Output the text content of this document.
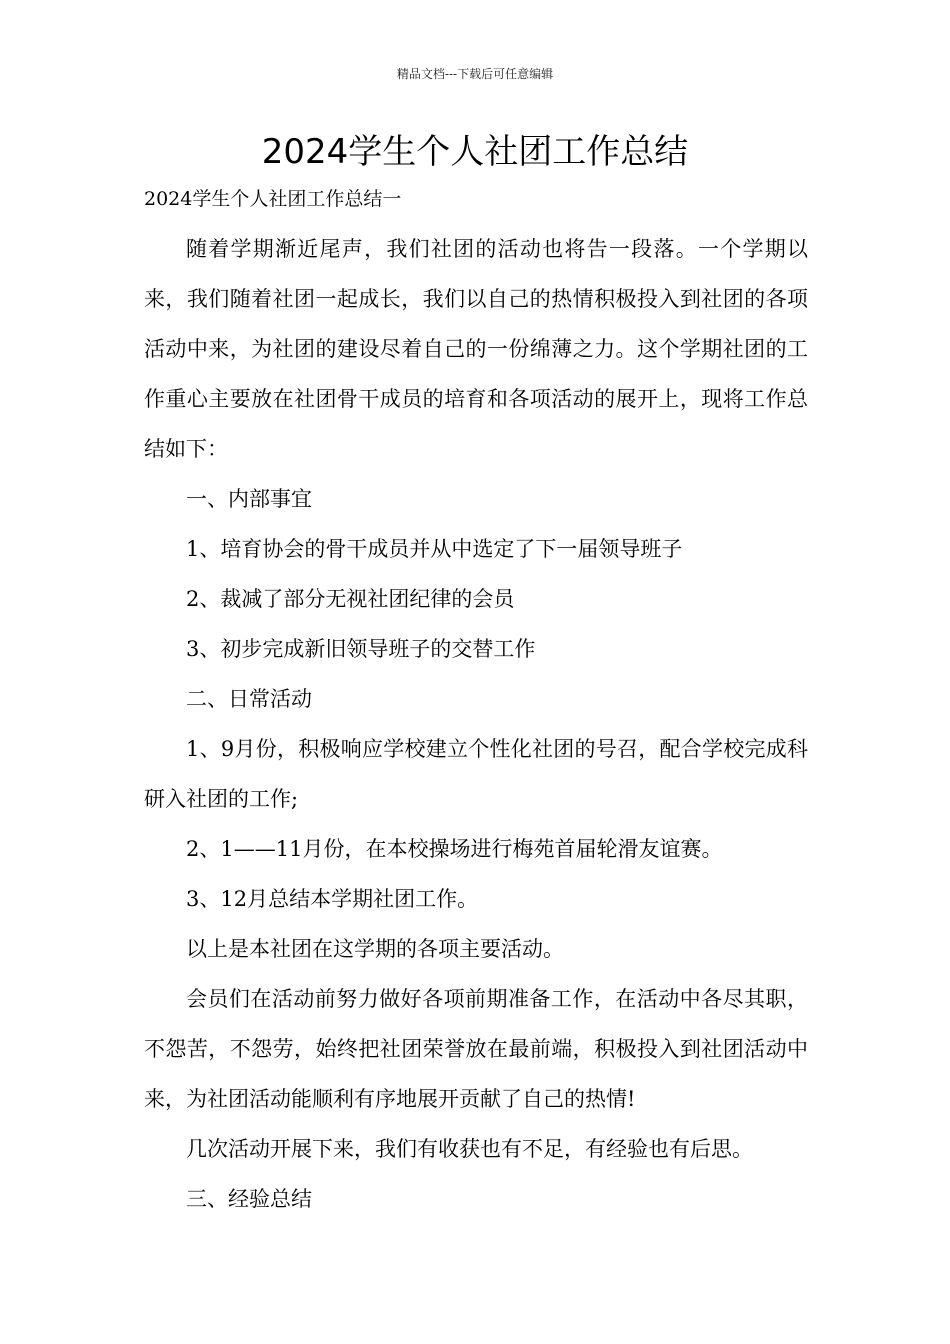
精品文档---下载后可任意编辑
2024学生个人社团工作总结

2024学生个人社团工作总结一

随着学期渐近尾声，我们社团的活动也将告一段落。一个学期以来，我们随着社团一起成长，我们以自己的热情积极投入到社团的各项活动中来，为社团的建设尽着自己的一份绵薄之力。这个学期社团的工作重心主要放在社团骨干成员的培育和各项活动的展开上，现将工作总结如下：

一、内部事宜

1、培育协会的骨干成员并从中选定了下一届领导班子

2、裁减了部分无视社团纪律的会员

3、初步完成新旧领导班子的交替工作

二、日常活动

1、9月份，积极响应学校建立个性化社团的号召，配合学校完成科研入社团的工作;

2、1——11月份，在本校操场进行梅苑首届轮滑友谊赛。

3、12月总结本学期社团工作。

以上是本社团在这学期的各项主要活动。

会员们在活动前努力做好各项前期准备工作，在活动中各尽其职，不怨苦，不怨劳，始终把社团荣誉放在最前端，积极投入到社团活动中来，为社团活动能顺利有序地展开贡献了自己的热情!

几次活动开展下来，我们有收获也有不足，有经验也有后思。

三、经验总结
